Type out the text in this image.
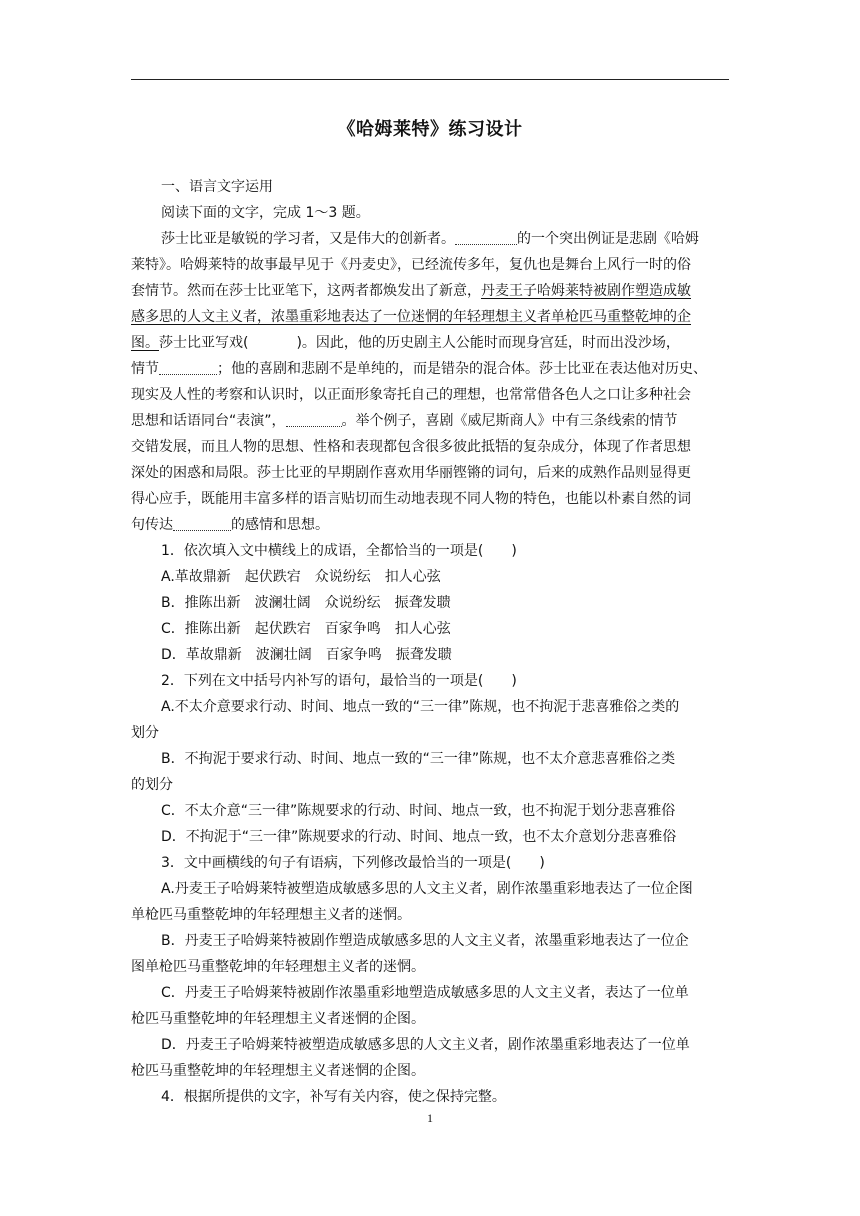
《哈姆莱特》练习设计
一、语言文字运用
阅读下面的文字，完成 1～3 题。
莎士比亚是敏锐的学习者，又是伟大的创新者。	的一个突出例证是悲剧《哈姆
莱特》。哈姆莱特的故事最早见于《丹麦史》，已经流传多年，复仇也是舞台上风行一时的俗
套情节。然而在莎士比亚笔下，这两者都焕发出了新意，丹麦王子哈姆莱特被剧作塑造成敏
感多思的人文主义者，浓墨重彩地表达了一位迷惘的年轻理想主义者单枪匹马重整乾坤的企
图。莎士比亚写戏(	)。因此，他的历史剧主人公能时而现身宫廷，时而出没沙场，
情节	；他的喜剧和悲剧不是单纯的，而是错杂的混合体。莎士比亚在表达他对历史、
现实及人性的考察和认识时，以正面形象寄托自己的理想，也常常借各色人之口让多种社会
思想和话语同台“表演”，	。举个例子，喜剧《威尼斯商人》中有三条线索的情节
交错发展，而且人物的思想、性格和表现都包含很多彼此抵牾的复杂成分，体现了作者思想
深处的困惑和局限。莎士比亚的早期剧作喜欢用华丽铿锵的词句，后来的成熟作品则显得更
得心应手，既能用丰富多样的语言贴切而生动地表现不同人物的特色，也能以朴素自然的词
句传达	的感情和思想。
1．依次填入文中横线上的成语，全都恰当的一项是(　　)
A.革故鼎新　起伏跌宕　众说纷纭　扣人心弦
B．推陈出新　波澜壮阔　众说纷纭　振聋发聩
C．推陈出新　起伏跌宕　百家争鸣　扣人心弦
D．革故鼎新　波澜壮阔　百家争鸣　振聋发聩
2．下列在文中括号内补写的语句，最恰当的一项是(　　)
A.不太介意要求行动、时间、地点一致的“三一律”陈规，也不拘泥于悲喜雅俗之类的
划分
B．不拘泥于要求行动、时间、地点一致的“三一律”陈规，也不太介意悲喜雅俗之类
的划分
C．不太介意“三一律”陈规要求的行动、时间、地点一致，也不拘泥于划分悲喜雅俗
D．不拘泥于“三一律”陈规要求的行动、时间、地点一致，也不太介意划分悲喜雅俗
3．文中画横线的句子有语病，下列修改最恰当的一项是(　　)
A.丹麦王子哈姆莱特被塑造成敏感多思的人文主义者，剧作浓墨重彩地表达了一位企图
单枪匹马重整乾坤的年轻理想主义者的迷惘。
B．丹麦王子哈姆莱特被剧作塑造成敏感多思的人文主义者，浓墨重彩地表达了一位企
图单枪匹马重整乾坤的年轻理想主义者的迷惘。
C．丹麦王子哈姆莱特被剧作浓墨重彩地塑造成敏感多思的人文主义者，表达了一位单
枪匹马重整乾坤的年轻理想主义者迷惘的企图。
D．丹麦王子哈姆莱特被塑造成敏感多思的人文主义者，剧作浓墨重彩地表达了一位单
枪匹马重整乾坤的年轻理想主义者迷惘的企图。
4．根据所提供的文字，补写有关内容，使之保持完整。
1
